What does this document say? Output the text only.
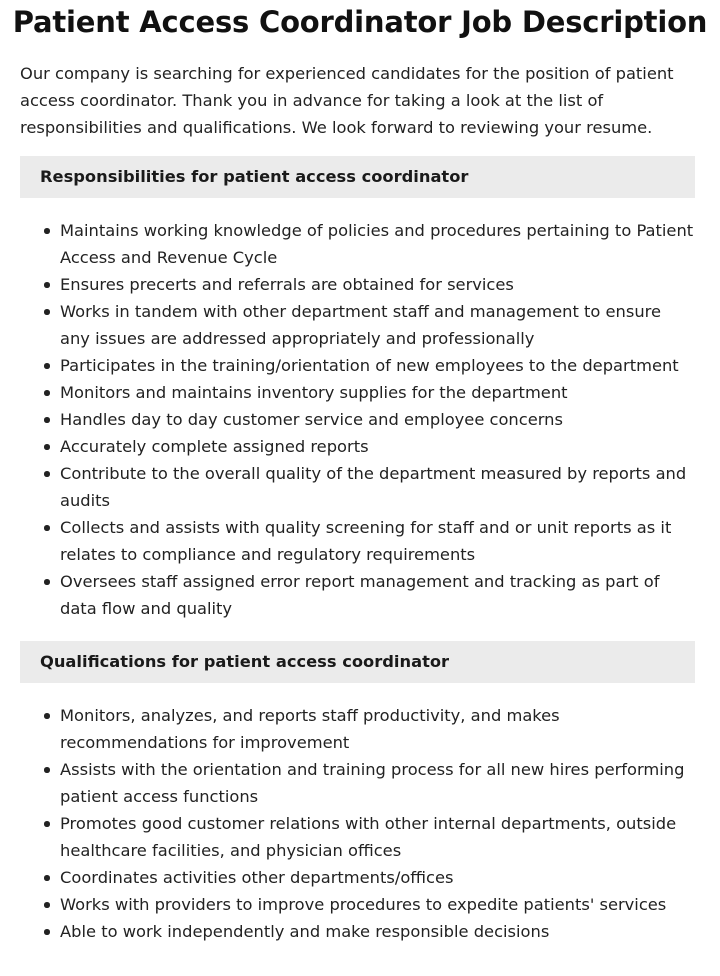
Patient Access Coordinator Job Description

Our company is searching for experienced candidates for the position of patient access coordinator. Thank you in advance for taking a look at the list of responsibilities and qualifications. We look forward to reviewing your resume.

Responsibilities for patient access coordinator
Maintains working knowledge of policies and procedures pertaining to Patient Access and Revenue Cycle
Ensures precerts and referrals are obtained for services
Works in tandem with other department staff and management to ensure any issues are addressed appropriately and professionally
Participates in the training/orientation of new employees to the department
Monitors and maintains inventory supplies for the department
Handles day to day customer service and employee concerns
Accurately complete assigned reports
Contribute to the overall quality of the department measured by reports and audits
Collects and assists with quality screening for staff and or unit reports as it relates to compliance and regulatory requirements
Oversees staff assigned error report management and tracking as part of data flow and quality
Qualifications for patient access coordinator
Monitors, analyzes, and reports staff productivity, and makes recommendations for improvement
Assists with the orientation and training process for all new hires performing patient access functions
Promotes good customer relations with other internal departments, outside healthcare facilities, and physician offices
Coordinates activities other departments/offices
Works with providers to improve procedures to expedite patients' services
Able to work independently and make responsible decisions
